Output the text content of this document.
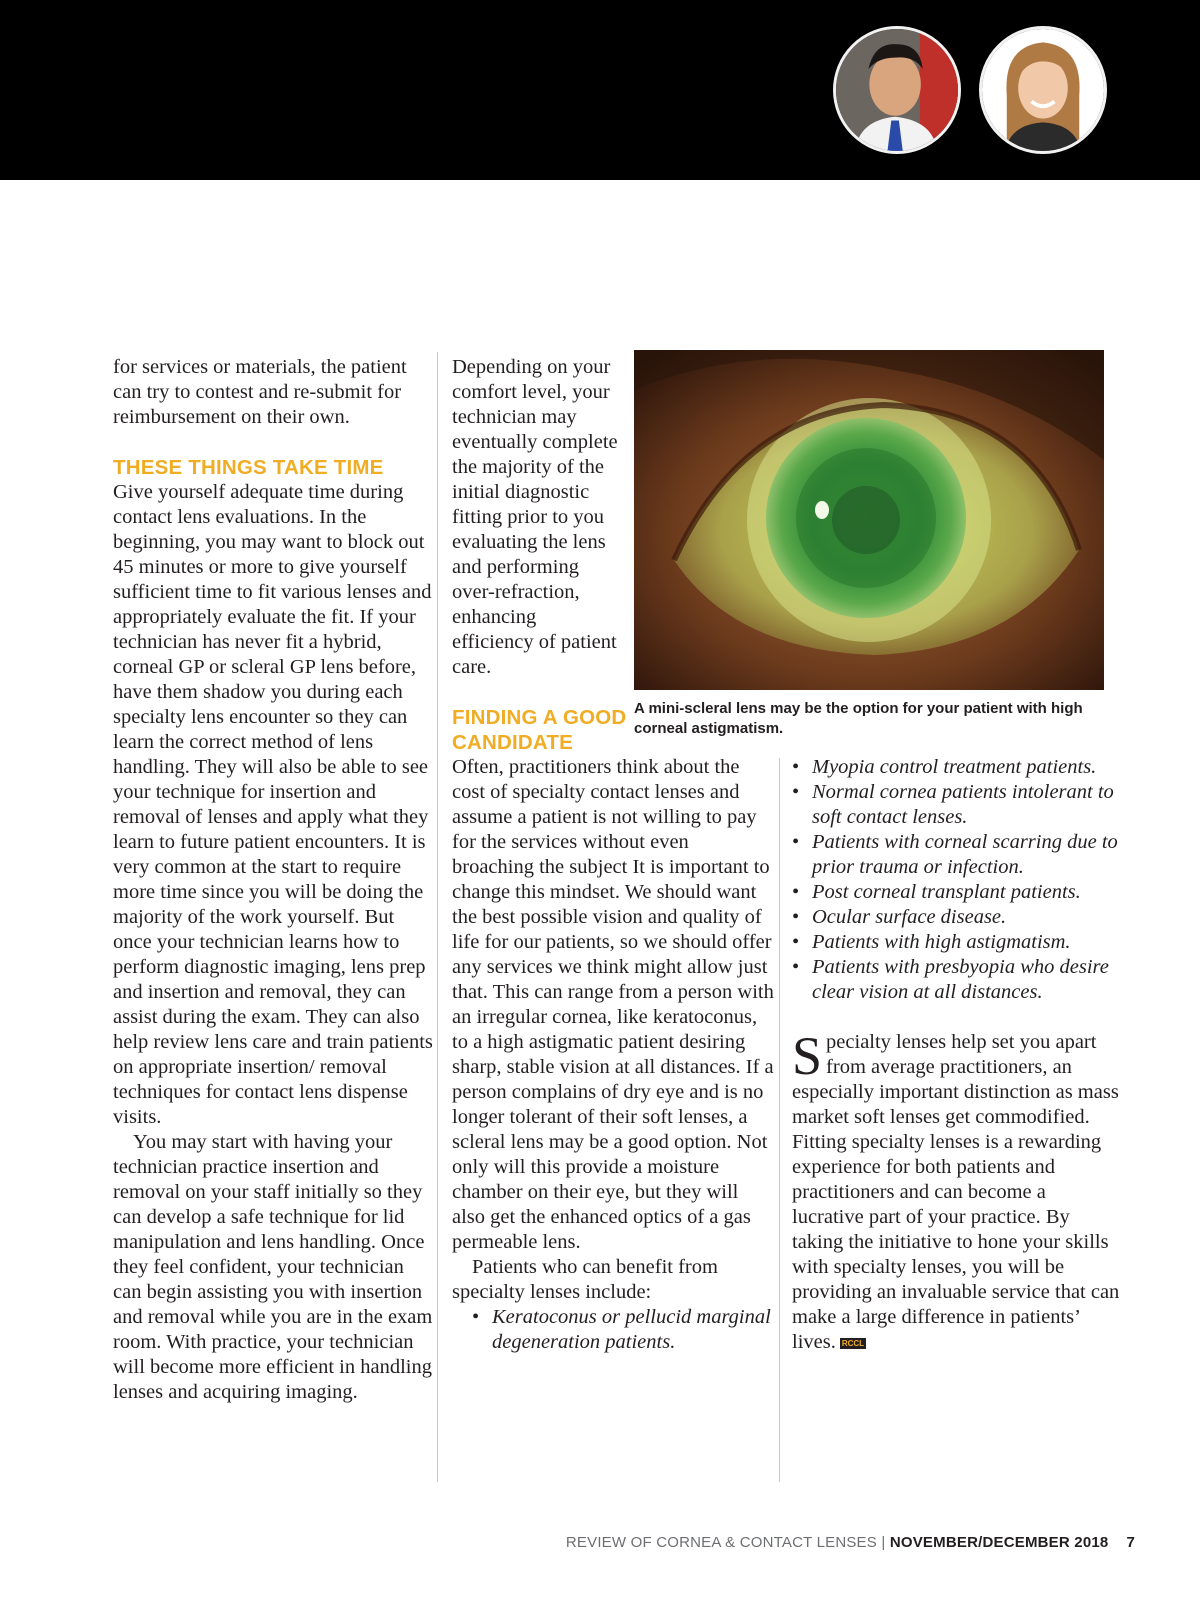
for services or materials, the patient can try to contest and re-submit for reimbursement on their own.

THESE THINGS TAKE TIME

Give yourself adequate time during contact lens evaluations. In the beginning, you may want to block out 45 minutes or more to give yourself sufficient time to fit various lenses and appropriately evaluate the fit. If your technician has never fit a hybrid, corneal GP or scleral GP lens before, have them shadow you during each specialty lens encounter so they can learn the correct method of lens handling. They will also be able to see your technique for insertion and removal of lenses and apply what they learn to future patient encounters. It is very common at the start to require more time since you will be doing the majority of the work yourself. But once your technician learns how to perform diagnostic imaging, lens prep and insertion and removal, they can assist during the exam. They can also help review lens care and train patients on appropriate insertion/ removal techniques for contact lens dispense visits.

You may start with having your technician practice insertion and removal on your staff initially so they can develop a safe technique for lid manipulation and lens handling. Once they feel confident, your technician can begin assisting you with insertion and removal while you are in the exam room. With practice, your technician will become more efficient in handling lenses and acquiring imaging.

Depending on your comfort level, your technician may eventually complete the majority of the initial diagnostic fitting prior to you evaluating the lens and performing over-refraction, enhancing efficiency of patient care.

FINDING A GOOD CANDIDATE

Often, practitioners think about the cost of specialty contact lenses and assume a patient is not willing to pay for the services without even broaching the subject It is important to change this mindset. We should want the best possible vision and quality of life for our patients, so we should offer any services we think might allow just that. This can range from a person with an irregular cornea, like keratoconus, to a high astigmatic patient desiring sharp, stable vision at all distances. If a person complains of dry eye and is no longer tolerant of their soft lenses, a scleral lens may be a good option. Not only will this provide a moisture chamber on their eye, but they will also get the enhanced optics of a gas permeable lens.

Patients who can benefit from specialty lenses include:

• Keratoconus or pellucid marginal degeneration patients.
A mini-scleral lens may be the option for your patient with high corneal astigmatism.
• Myopia control treatment patients.
• Normal cornea patients intolerant to soft contact lenses.
• Patients with corneal scarring due to prior trauma or infection.
• Post corneal transplant patients.
• Ocular surface disease.
• Patients with high astigmatism.
• Patients with presbyopia who desire clear vision at all distances.

Specialty lenses help set you apart from average practitioners, an especially important distinction as mass market soft lenses get commodified. Fitting specialty lenses is a rewarding experience for both patients and practitioners and can become a lucrative part of your practice. By taking the initiative to hone your skills with specialty lenses, you will be providing an invaluable service that can make a large difference in patients’ lives. RCCL

REVIEW OF CORNEA & CONTACT LENSES | NOVEMBER/DECEMBER 2018 7
